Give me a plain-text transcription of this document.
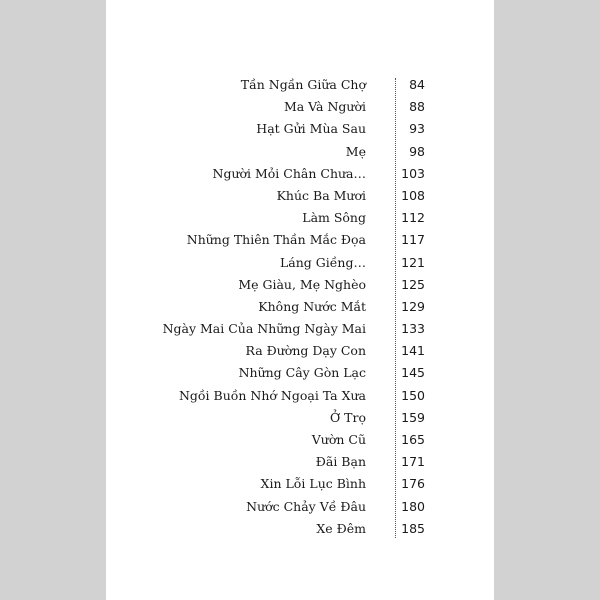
Tần Ngần Giữa Chợ	84
Ma Và Người	88
Hạt Gửi Mùa Sau	93
Mẹ	98
Người Mỏi Chân Chưa…	103
Khúc Ba Mươi	108
Làm Sông	112
Những Thiên Thần Mắc Đọa	117
Láng Giềng…	121
Mẹ Giàu, Mẹ Nghèo	125
Không Nước Mắt	129
Ngày Mai Của Những Ngày Mai	133
Ra Đường Dạy Con	141
Những Cây Gòn Lạc	145
Ngồi Buồn Nhớ Ngoại Ta Xưa	150
Ở Trọ	159
Vườn Cũ	165
Đãi Bạn	171
Xin Lỗi Lục Bình	176
Nước Chảy Về Đâu	180
Xe Đêm	185
